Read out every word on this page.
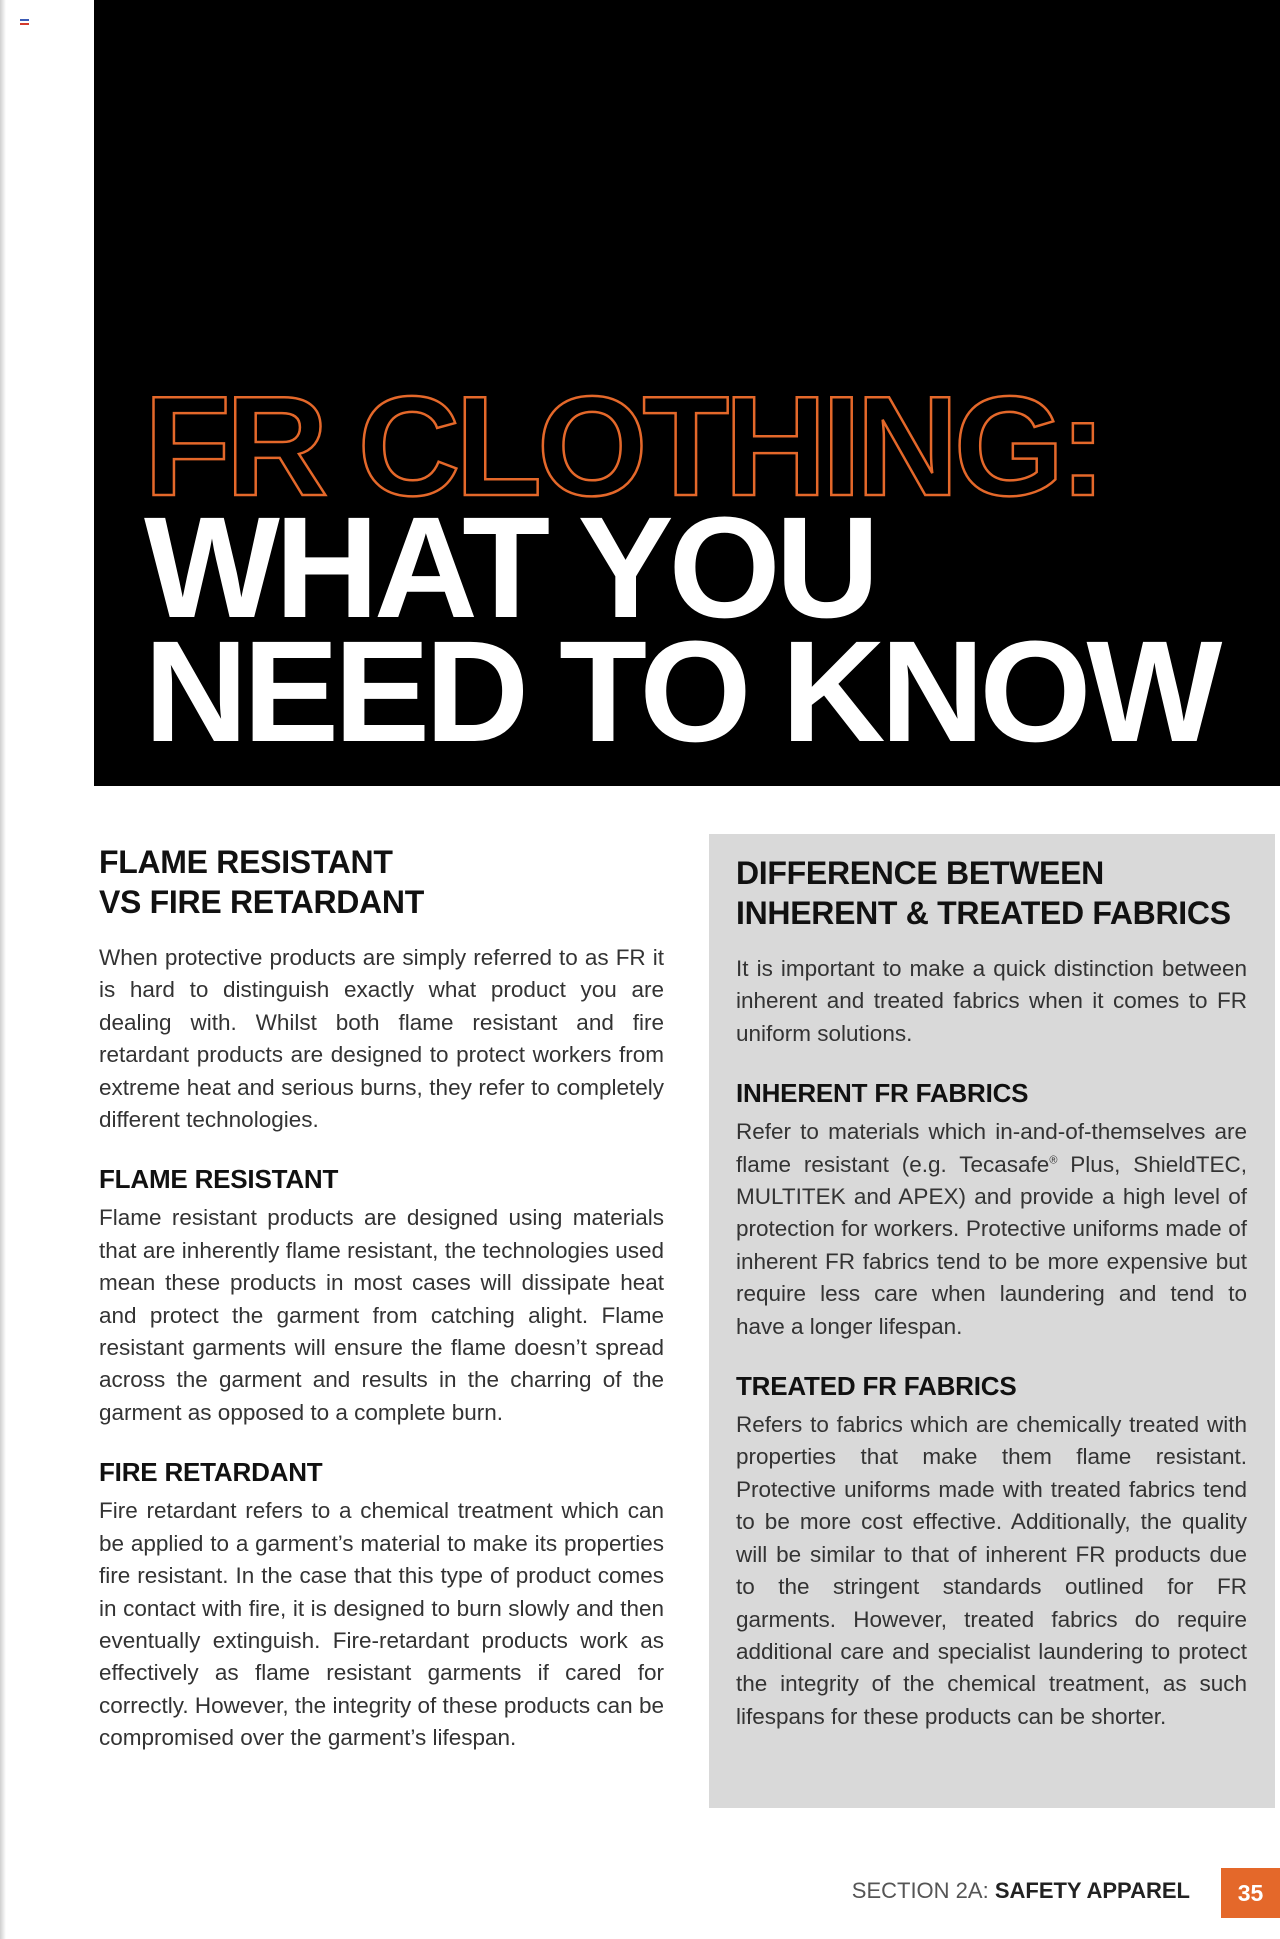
FR CLOTHING:
WHAT YOU
NEED TO KNOW
FLAME RESISTANT
VS FIRE RETARDANT

When protective products are simply referred to as FR it is hard to distinguish exactly what product you are dealing with. Whilst both flame resistant and fire retardant products are designed to protect workers from extreme heat and serious burns, they refer to completely different technologies.

FLAME RESISTANT

Flame resistant products are designed using materials that are inherently flame resistant, the technologies used mean these products in most cases will dissipate heat and protect the garment from catching alight. Flame resistant garments will ensure the flame doesn’t spread across the garment and results in the charring of the garment as opposed to a complete burn.

FIRE RETARDANT

Fire retardant refers to a chemical treatment which can be applied to a garment’s material to make its properties fire resistant. In the case that this type of product comes in contact with fire, it is designed to burn slowly and then eventually extinguish. Fire-retardant products work as effectively as flame resistant garments if cared for correctly. However, the integrity of these products can be compromised over the garment’s lifespan.

DIFFERENCE BETWEEN
INHERENT & TREATED FABRICS

It is important to make a quick distinction between inherent and treated fabrics when it comes to FR uniform solutions.

INHERENT FR FABRICS

Refer to materials which in-and-of-themselves are flame resistant (e.g. Tecasafe® Plus, ShieldTEC, MULTITEK and APEX) and provide a high level of protection for workers. Protective uniforms made of inherent FR fabrics tend to be more expensive but require less care when laundering and tend to have a longer lifespan.

TREATED FR FABRICS

Refers to fabrics which are chemically treated with properties that make them flame resistant. Protective uniforms made with treated fabrics tend to be more cost effective. Additionally, the quality will be similar to that of inherent FR products due to the stringent standards outlined for FR garments. However, treated fabrics do require additional care and specialist laundering to protect the integrity of the chemical treatment, as such lifespans for these products can be shorter.

SECTION 2A: SAFETY APPAREL	35
